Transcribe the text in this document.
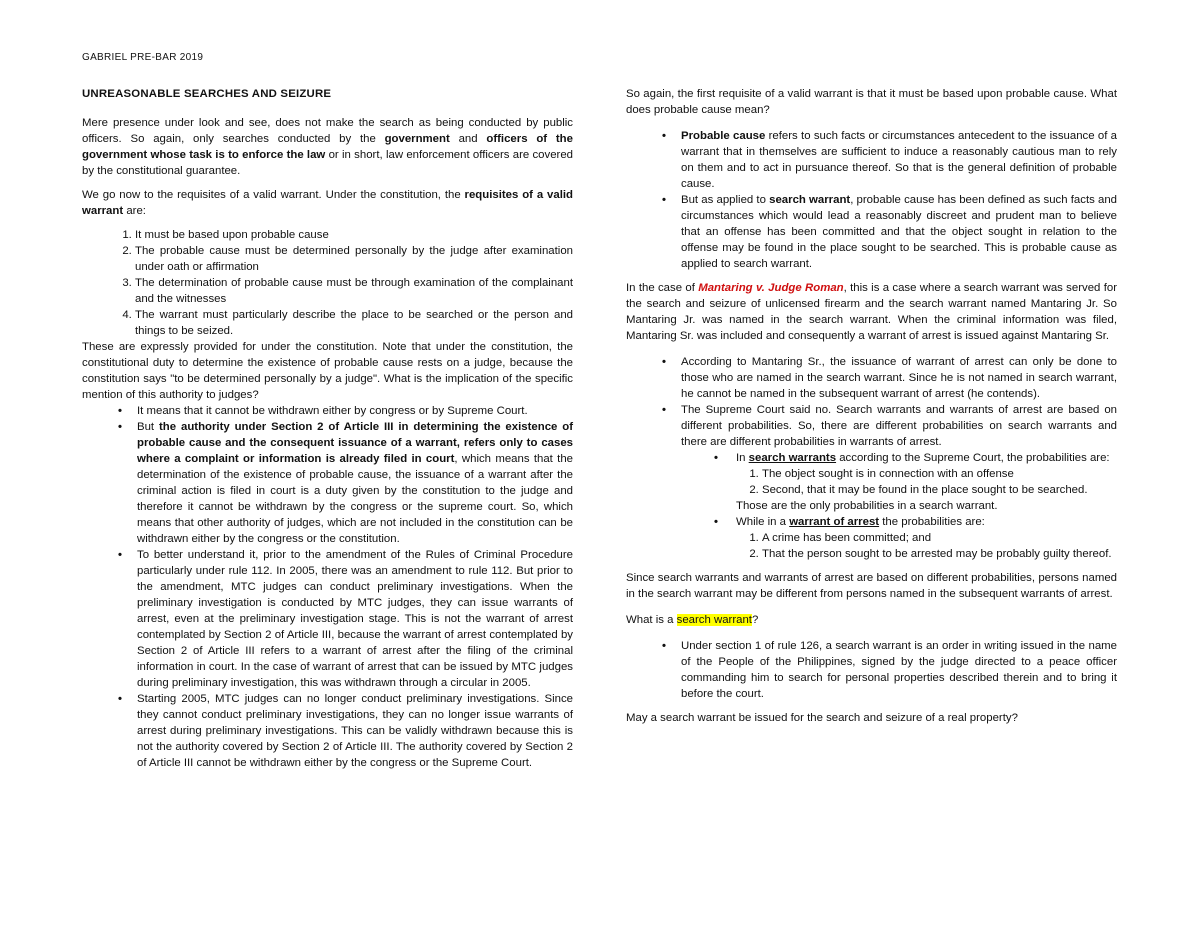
GABRIEL PRE-BAR 2019
UNREASONABLE SEARCHES AND SEIZURE

Mere presence under look and see, does not make the search as being conducted by public officers. So again, only searches conducted by the government and officers of the government whose task is to enforce the law or in short, law enforcement officers are covered by the constitutional guarantee.

We go now to the requisites of a valid warrant. Under the constitution, the requisites of a valid warrant are:

1. It must be based upon probable cause
2. The probable cause must be determined personally by the judge after examination under oath or affirmation
3. The determination of probable cause must be through examination of the complainant and the witnesses
4. The warrant must particularly describe the place to be searched or the person and things to be seized.

These are expressly provided for under the constitution. Note that under the constitution, the constitutional duty to determine the existence of probable cause rests on a judge, because the constitution says "to be determined personally by a judge". What is the implication of the specific mention of this authority to judges?

• It means that it cannot be withdrawn either by congress or by Supreme Court.
• But the authority under Section 2 of Article III in determining the existence of probable cause and the consequent issuance of a warrant, refers only to cases where a complaint or information is already filed in court, which means that the determination of the existence of probable cause, the issuance of a warrant after the criminal action is filed in court is a duty given by the constitution to the judge and therefore it cannot be withdrawn by the congress or the supreme court. So, which means that other authority of judges, which are not included in the constitution can be withdrawn either by the congress or the constitution.
• To better understand it, prior to the amendment of the Rules of Criminal Procedure particularly under rule 112. In 2005, there was an amendment to rule 112. But prior to the amendment, MTC judges can conduct preliminary investigations. When the preliminary investigation is conducted by MTC judges, they can issue warrants of arrest, even at the preliminary investigation stage. This is not the warrant of arrest contemplated by Section 2 of Article III, because the warrant of arrest contemplated by Section 2 of Article III refers to a warrant of arrest after the filing of the criminal information in court. In the case of warrant of arrest that can be issued by MTC judges during preliminary investigation, this was withdrawn through a circular in 2005.
• Starting 2005, MTC judges can no longer conduct preliminary investigations. Since they cannot conduct preliminary investigations, they can no longer issue warrants of arrest during preliminary investigations. This can be validly withdrawn because this is not the authority covered by Section 2 of Article III. The authority covered by Section 2 of Article III cannot be withdrawn either by the congress or the Supreme Court.

So again, the first requisite of a valid warrant is that it must be based upon probable cause. What does probable cause mean?

• Probable cause refers to such facts or circumstances antecedent to the issuance of a warrant that in themselves are sufficient to induce a reasonably cautious man to rely on them and to act in pursuance thereof. So that is the general definition of probable cause.
• But as applied to search warrant, probable cause has been defined as such facts and circumstances which would lead a reasonably discreet and prudent man to believe that an offense has been committed and that the object sought in relation to the offense may be found in the place sought to be searched. This is probable cause as applied to search warrant.

In the case of Mantaring v. Judge Roman, this is a case where a search warrant was served for the search and seizure of unlicensed firearm and the search warrant named Mantaring Jr. So Mantaring Jr. was named in the search warrant. When the criminal information was filed, Mantaring Sr. was included and consequently a warrant of arrest is issued against Mantaring Sr.

• According to Mantaring Sr., the issuance of warrant of arrest can only be done to those who are named in the search warrant. Since he is not named in search warrant, he cannot be named in the subsequent warrant of arrest (he contends).
• The Supreme Court said no. Search warrants and warrants of arrest are based on different probabilities. So, there are different probabilities on search warrants and there are different probabilities in warrants of arrest.
• In search warrants according to the Supreme Court, the probabilities are:
1. The object sought is in connection with an offense
2. Second, that it may be found in the place sought to be searched.
Those are the only probabilities in a search warrant.
• While in a warrant of arrest the probabilities are:
1. A crime has been committed; and
2. That the person sought to be arrested may be probably guilty thereof.

Since search warrants and warrants of arrest are based on different probabilities, persons named in the search warrant may be different from persons named in the subsequent warrants of arrest.

What is a search warrant?

• Under section 1 of rule 126, a search warrant is an order in writing issued in the name of the People of the Philippines, signed by the judge directed to a peace officer commanding him to search for personal properties described therein and to bring it before the court.

May a search warrant be issued for the search and seizure of a real property?
